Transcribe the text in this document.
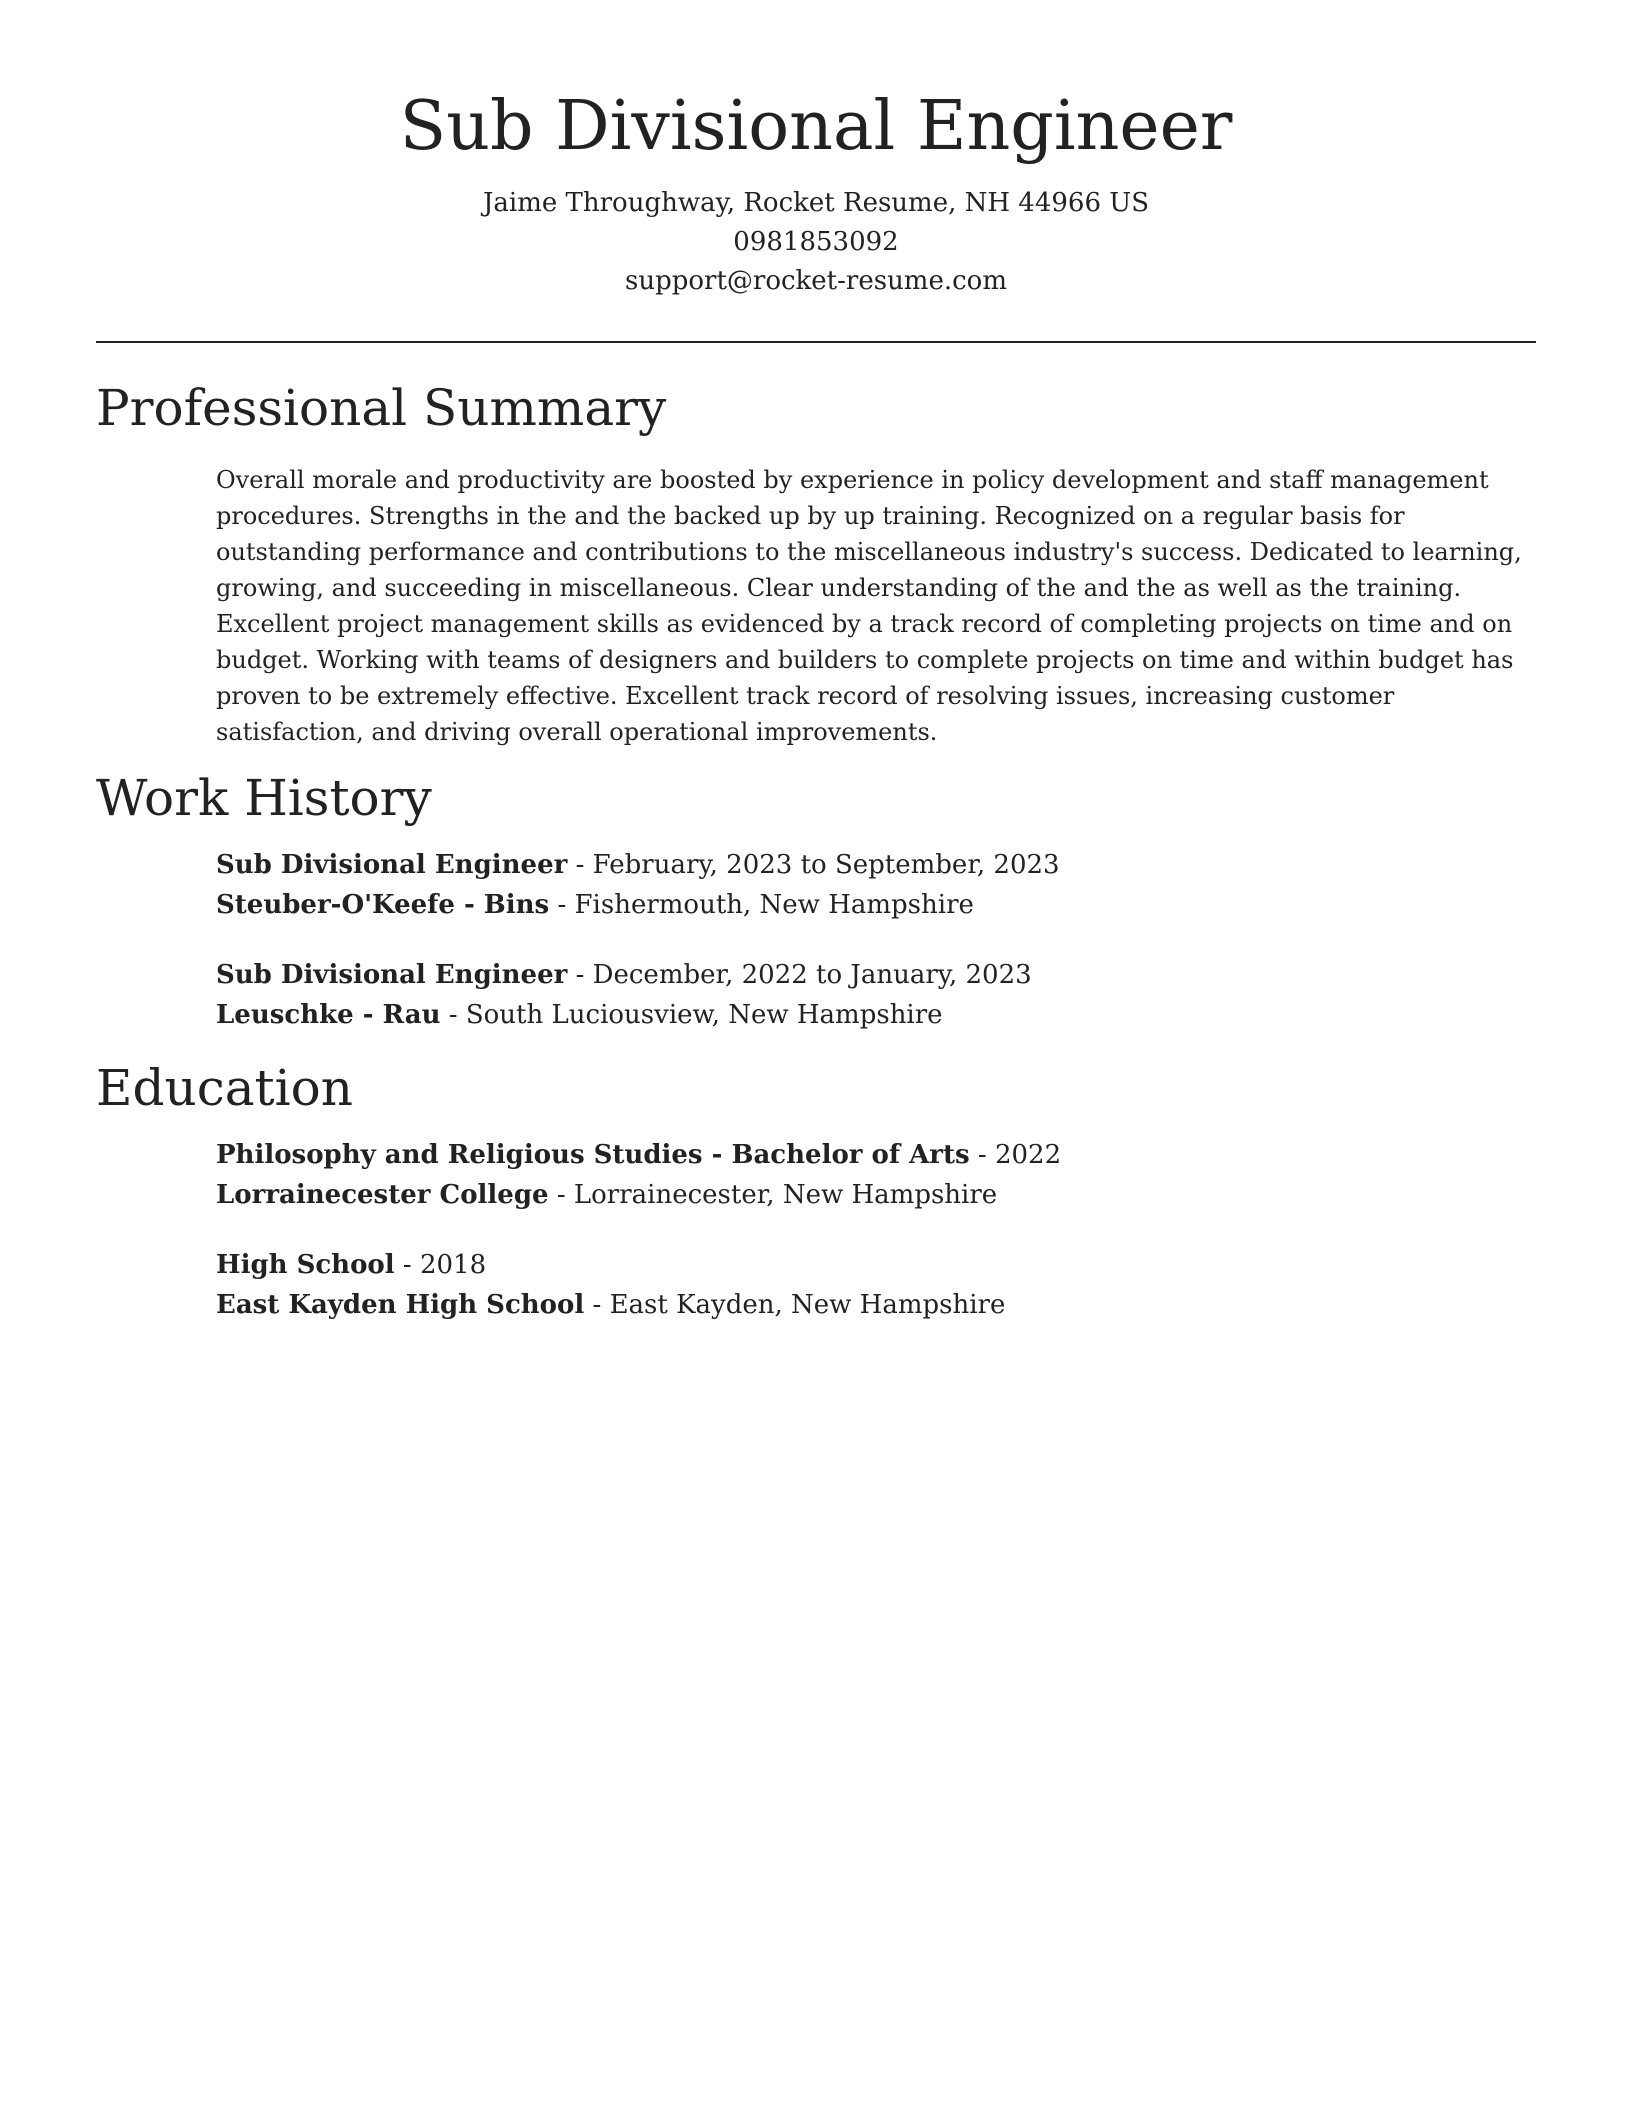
Sub Divisional Engineer
Jaime Throughway, Rocket Resume, NH 44966 US
0981853092
support@rocket-resume.com
Professional Summary

Overall morale and productivity are boosted by experience in policy development and staff management procedures. Strengths in the and the backed up by up training. Recognized on a regular basis for outstanding performance and contributions to the miscellaneous industry's success. Dedicated to learning, growing, and succeeding in miscellaneous. Clear understanding of the and the as well as the training. Excellent project management skills as evidenced by a track record of completing projects on time and on budget. Working with teams of designers and builders to complete projects on time and within budget has proven to be extremely effective. Excellent track record of resolving issues, increasing customer satisfaction, and driving overall operational improvements.

Work History
Sub Divisional Engineer - February, 2023 to September, 2023
Steuber-O'Keefe - Bins - Fishermouth, New Hampshire
Sub Divisional Engineer - December, 2022 to January, 2023
Leuschke - Rau - South Luciousview, New Hampshire
Education
Philosophy and Religious Studies - Bachelor of Arts - 2022
Lorrainecester College - Lorrainecester, New Hampshire
High School - 2018
East Kayden High School - East Kayden, New Hampshire
